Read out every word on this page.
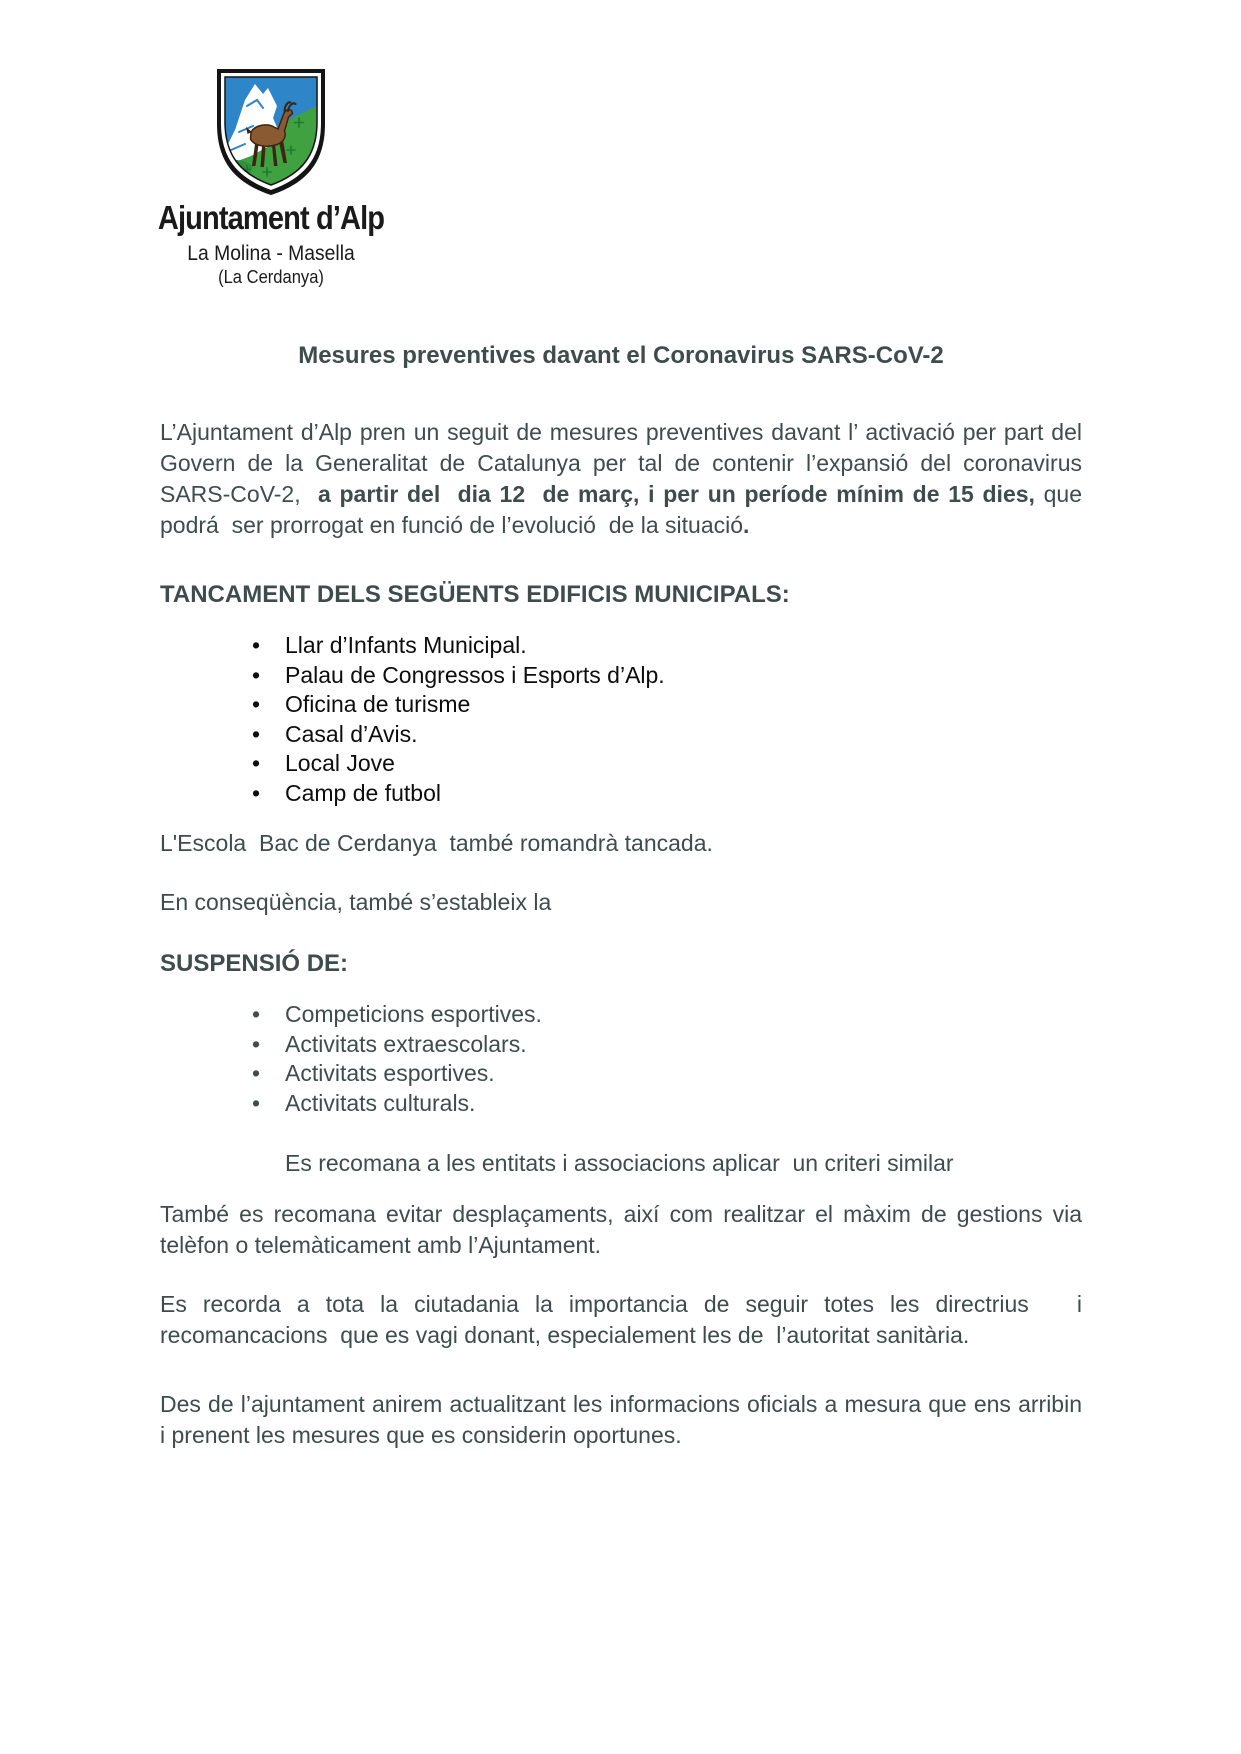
Ajuntament d’Alp
La Molina - Masella
(La Cerdanya)
Mesures preventives davant el Coronavirus SARS-CoV-2

L’Ajuntament d’Alp pren un seguit de mesures preventives davant l’ activació per part del Govern de la Generalitat de Catalunya per tal de contenir l’expansió del coronavirus SARS-CoV-2,  a partir del  dia 12  de març, i per un període mínim de 15 dies, que podrá  ser prorrogat en funció de l’evolució  de la situació.

TANCAMENT DELS SEGÜENTS EDIFICIS MUNICIPALS:
• Llar d’Infants Municipal.
• Palau de Congressos i Esports d’Alp.
• Oficina de turisme
• Casal d’Avis.
• Local Jove
• Camp de futbol

L'Escola  Bac de Cerdanya  també romandrà tancada.

En conseqüència, també s’estableix la

SUSPENSIÓ DE:
• Competicions esportives.
• Activitats extraescolars.
• Activitats esportives.
• Activitats culturals.

Es recomana a les entitats i associacions aplicar  un criteri similar

També es recomana evitar desplaçaments, així com realitzar el màxim de gestions via telèfon o telemàticament amb l’Ajuntament.

Es recorda a tota la ciutadania la importancia de seguir totes les directrius   i recomancacions  que es vagi donant, especialement les de  l’autoritat sanitària.

Des de l’ajuntament anirem actualitzant les informacions oficials a mesura que ens arribin i prenent les mesures que es considerin oportunes.
